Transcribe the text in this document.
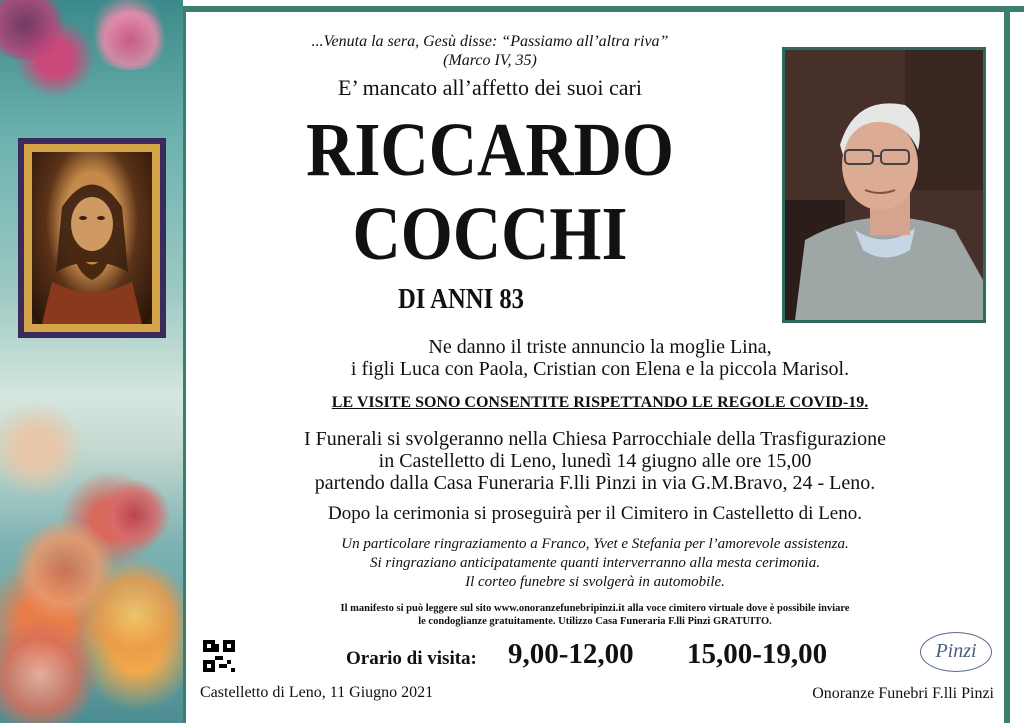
...Venuta la sera, Gesù disse: “Passiamo all’altra riva”
(Marco IV, 35)
E’ mancato all’affetto dei suoi cari
RICCARDO
COCCHI
DI ANNI 83
Ne danno il triste annuncio la moglie Lina,
i figli Luca con Paola, Cristian con Elena e la piccola Marisol.
LE VISITE SONO CONSENTITE RISPETTANDO LE REGOLE COVID-19.
I Funerali si svolgeranno nella Chiesa Parrocchiale della Trasfigurazione
in Castelletto di Leno, lunedì 14 giugno alle ore 15,00
partendo dalla Casa Funeraria F.lli Pinzi in via G.M.Bravo, 24 - Leno.
Dopo la cerimonia si proseguirà per il Cimitero in Castelletto di Leno.
Un particolare ringraziamento a Franco, Yvet e Stefania per l’amorevole assistenza.
Si ringraziano anticipatamente quanti interverranno alla mesta cerimonia.
Il corteo funebre si svolgerà in automobile.
Il manifesto si può leggere sul sito www.onoranzefunebripinzi.it alla voce cimitero virtuale dove è possibile inviare
le condoglianze gratuitamente. Utilizzo Casa Funeraria F.lli Pinzi GRATUITO.
Orario di visita: 9,00-12,00 15,00-19,00	Pinzi
Castelletto di Leno, 11 Giugno 2021	Onoranze Funebri F.lli Pinzi
